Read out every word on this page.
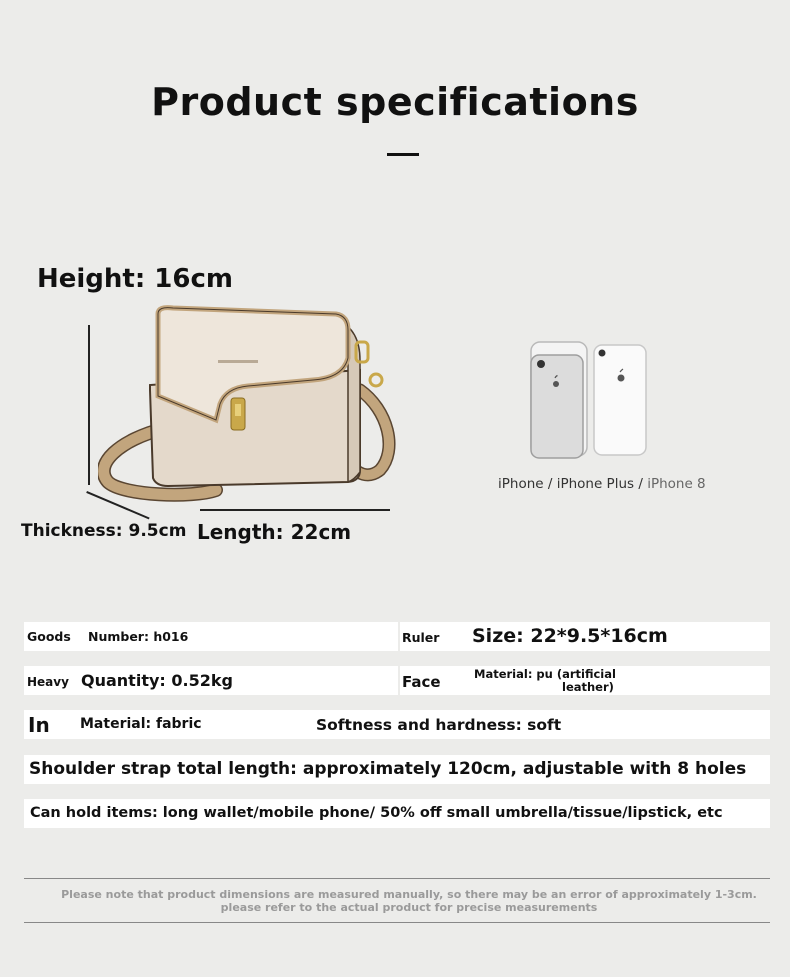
Product specifications
Height: 16cm
Thickness: 9.5cm Length: 22cm
iPhone / iPhone Plus / iPhone 8
Goods Number: h016	Ruler Size: 22*9.5*16cm
Heavy Quantity: 0.52kg	Face	Material: pu (artificial
leather)
In Material: fabric	Softness and hardness: soft
Shoulder strap total length: approximately 120cm, adjustable with 8 holes
Can hold items: long wallet/mobile phone/ 50% off small umbrella/tissue/lipstick, etc
Please note that product dimensions are measured manually, so there may be an error of approximately 1-3cm. please refer to the actual product for precise measurements
